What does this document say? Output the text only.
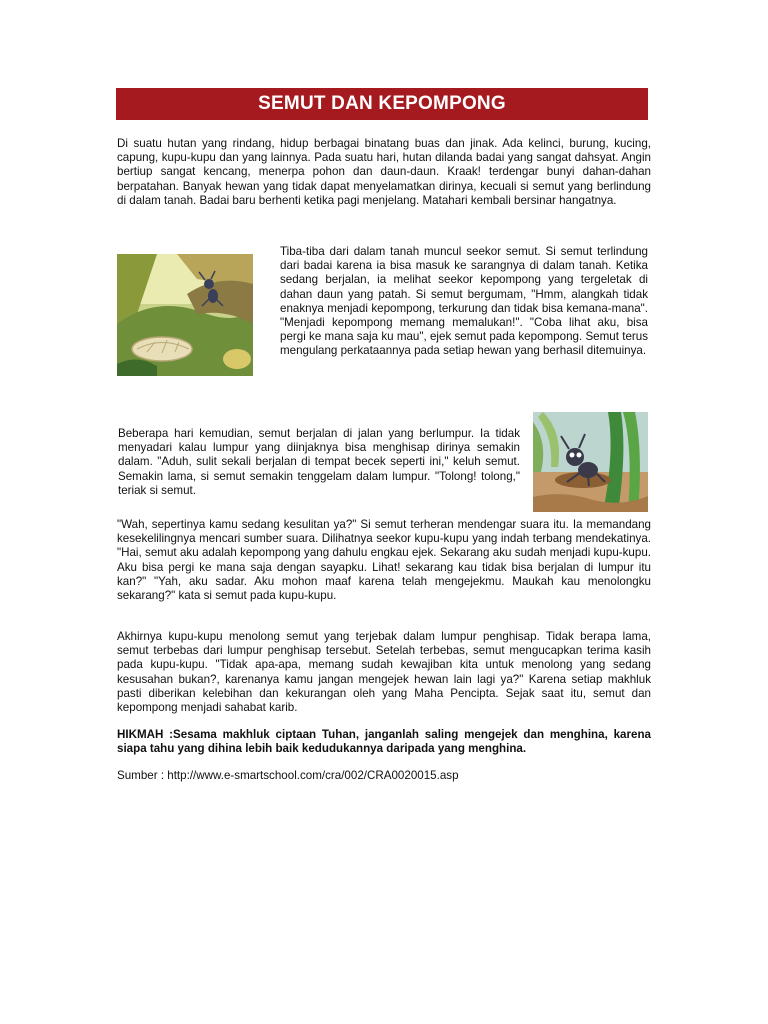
SEMUT DAN KEPOMPONG

Di suatu hutan yang rindang, hidup berbagai binatang buas dan jinak. Ada kelinci, burung, kucing, capung, kupu-kupu dan yang lainnya. Pada suatu hari, hutan dilanda badai yang sangat dahsyat. Angin bertiup sangat kencang, menerpa pohon dan daun-daun. Kraak! terdengar bunyi dahan-dahan berpatahan. Banyak hewan yang tidak dapat menyelamatkan dirinya, kecuali si semut yang berlindung di dalam tanah. Badai baru berhenti ketika pagi menjelang. Matahari kembali bersinar hangatnya.

Tiba-tiba dari dalam tanah muncul seekor semut. Si semut terlindung dari badai karena ia bisa masuk ke sarangnya di dalam tanah. Ketika sedang berjalan, ia melihat seekor kepompong yang tergeletak di dahan daun yang patah. Si semut bergumam, "Hmm, alangkah tidak enaknya menjadi kepompong, terkurung dan tidak bisa kemana-mana". "Menjadi kepompong memang memalukan!". "Coba lihat aku, bisa pergi ke mana saja ku mau", ejek semut pada kepompong. Semut terus mengulang perkataannya pada setiap hewan yang berhasil ditemuinya.

Beberapa hari kemudian, semut berjalan di jalan yang berlumpur. Ia tidak menyadari kalau lumpur yang diinjaknya bisa menghisap dirinya semakin dalam. "Aduh, sulit sekali berjalan di tempat becek seperti ini," keluh semut. Semakin lama, si semut semakin tenggelam dalam lumpur. "Tolong! tolong," teriak si semut.

"Wah, sepertinya kamu sedang kesulitan ya?" Si semut terheran mendengar suara itu. Ia memandang kesekelilingnya mencari sumber suara. Dilihatnya seekor kupu-kupu yang indah terbang mendekatinya. "Hai, semut aku adalah kepompong yang dahulu engkau ejek. Sekarang aku sudah menjadi kupu-kupu. Aku bisa pergi ke mana saja dengan sayapku. Lihat! sekarang kau tidak bisa berjalan di lumpur itu kan?" "Yah, aku sadar. Aku mohon maaf karena telah mengejekmu. Maukah kau menolongku sekarang?" kata si semut pada kupu-kupu.

Akhirnya kupu-kupu menolong semut yang terjebak dalam lumpur penghisap. Tidak berapa lama, semut terbebas dari lumpur penghisap tersebut. Setelah terbebas, semut mengucapkan terima kasih pada kupu-kupu. "Tidak apa-apa, memang sudah kewajiban kita untuk menolong yang sedang kesusahan bukan?, karenanya kamu jangan mengejek hewan lain lagi ya?" Karena setiap makhluk pasti diberikan kelebihan dan kekurangan oleh yang Maha Pencipta. Sejak saat itu, semut dan kepompong menjadi sahabat karib.

HIKMAH :Sesama makhluk ciptaan Tuhan, janganlah saling mengejek dan menghina, karena siapa tahu yang dihina lebih baik kedudukannya daripada yang menghina.

Sumber : http://www.e-smartschool.com/cra/002/CRA0020015.asp
